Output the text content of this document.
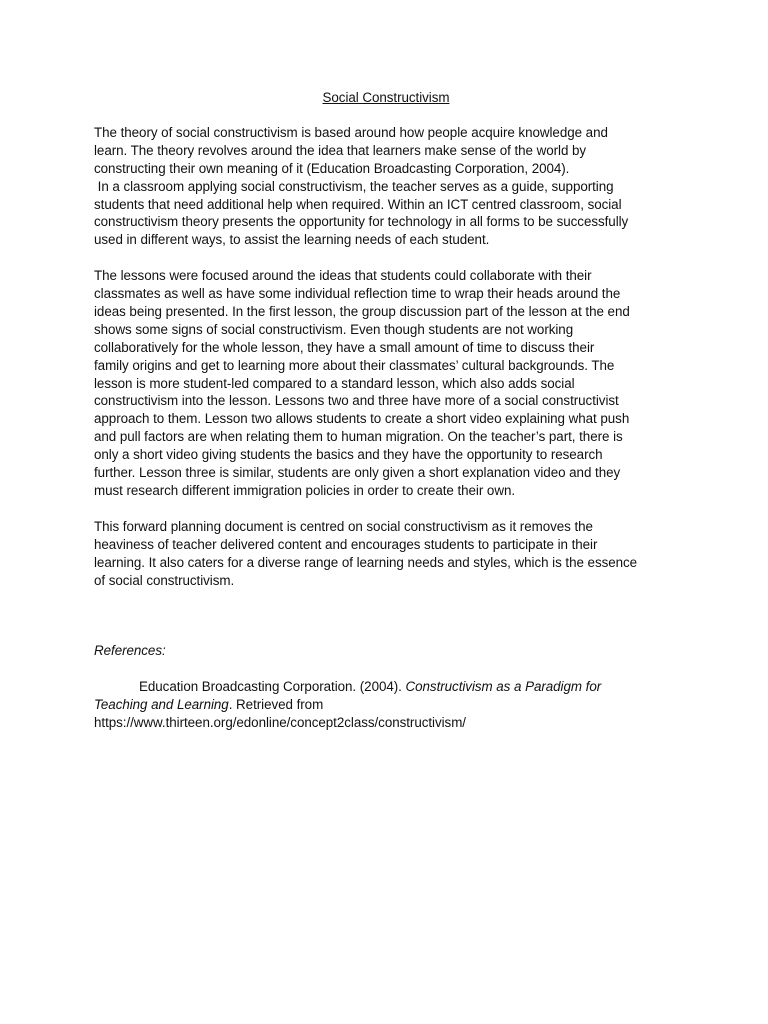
Social Constructivism
The theory of social constructivism is based around how people acquire knowledge and
learn. The theory revolves around the idea that learners make sense of the world by
constructing their own meaning of it (Education Broadcasting Corporation, 2004).
In a classroom applying social constructivism, the teacher serves as a guide, supporting
students that need additional help when required. Within an ICT centred classroom, social
constructivism theory presents the opportunity for technology in all forms to be successfully
used in different ways, to assist the learning needs of each student.
The lessons were focused around the ideas that students could collaborate with their
classmates as well as have some individual reflection time to wrap their heads around the
ideas being presented. In the first lesson, the group discussion part of the lesson at the end
shows some signs of social constructivism. Even though students are not working
collaboratively for the whole lesson, they have a small amount of time to discuss their
family origins and get to learning more about their classmates’ cultural backgrounds. The
lesson is more student-led compared to a standard lesson, which also adds social
constructivism into the lesson. Lessons two and three have more of a social constructivist
approach to them. Lesson two allows students to create a short video explaining what push
and pull factors are when relating them to human migration. On the teacher’s part, there is
only a short video giving students the basics and they have the opportunity to research
further. Lesson three is similar, students are only given a short explanation video and they
must research different immigration policies in order to create their own.
This forward planning document is centred on social constructivism as it removes the
heaviness of teacher delivered content and encourages students to participate in their
learning. It also caters for a diverse range of learning needs and styles, which is the essence
of social constructivism.
References:
Education Broadcasting Corporation. (2004). Constructivism as a Paradigm for
Teaching and Learning. Retrieved from
https://www.thirteen.org/edonline/concept2class/constructivism/
